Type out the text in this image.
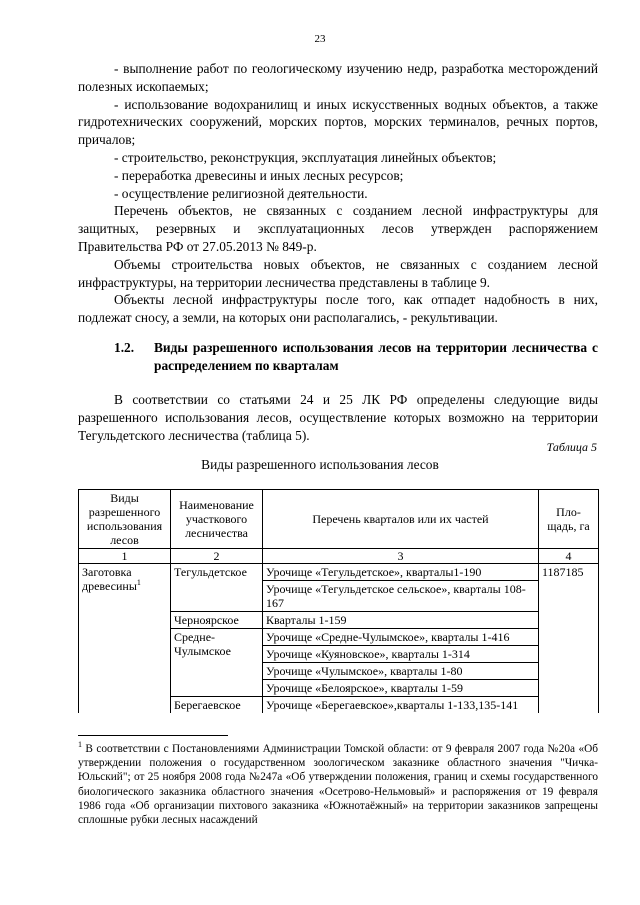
23

- выполнение работ по геологическому изучению недр, разработка месторождений полезных ископаемых;

- использование водохранилищ и иных искусственных водных объектов, а также гидротехнических сооружений, морских портов, морских терминалов, речных портов, причалов;

- строительство, реконструкция, эксплуатация линейных объектов;

- переработка древесины и иных лесных ресурсов;

- осуществление религиозной деятельности.

Перечень объектов, не связанных с созданием лесной инфраструктуры для защитных, резервных и эксплуатационных лесов утвержден распоряжением Правительства РФ от 27.05.2013 № 849-р.

Объемы строительства новых объектов, не связанных с созданием лесной инфраструктуры, на территории лесничества представлены в таблице 9.

Объекты лесной инфраструктуры после того, как отпадет надобность в них, подлежат сносу, а земли, на которых они располагались, - рекультивации.

1.2.	Виды разрешенного использования лесов на территории лесничества с распределением по кварталам

В соответствии со статьями 24 и 25 ЛК РФ определены следующие виды разрешенного использования лесов, осуществление которых возможно на территории Тегульдетского лесничества (таблица 5).

Таблица 5
Виды разрешенного использования лесов
Виды разрешенного использования лесов	Наименование участкового лесничества	Перечень кварталов или их частей	Пло-щадь, га
1	2	3	4
Заготовка древесины$^1$	Тегульдетское	Урочище «Тегульдетское», кварталы1-190	1187185
		Урочище «Тегульдетское сельское», кварталы 108-167	
	Черноярское	Кварталы 1-159	
	Средне-Чулымское	Урочище «Средне-Чулымское», кварталы 1-416	
		Урочище «Куяновское», кварталы 1-314	
		Урочище «Чулымское», кварталы 1-80	
		Урочище «Белоярское», кварталы 1-59	
	Берегаевское	Урочище «Берегаевское»,кварталы 1-133,135-141	
$^1$ В соответствии с Постановлениями Администрации Томской области: от 9 февраля 2007 года №20а «Об утверждении положения о государственном зоологическом заказнике областного значения "Чичка-Юльский"; от 25 ноября 2008 года №247а «Об утверждении положения, границ и схемы государственного биологического заказника областного значения «Осетрово-Нельмовый» и распоряжения от 19 февраля 1986 года «Об организации пихтового заказника «Южнотаёжный» на территории заказников запрещены сплошные рубки лесных насаждений
